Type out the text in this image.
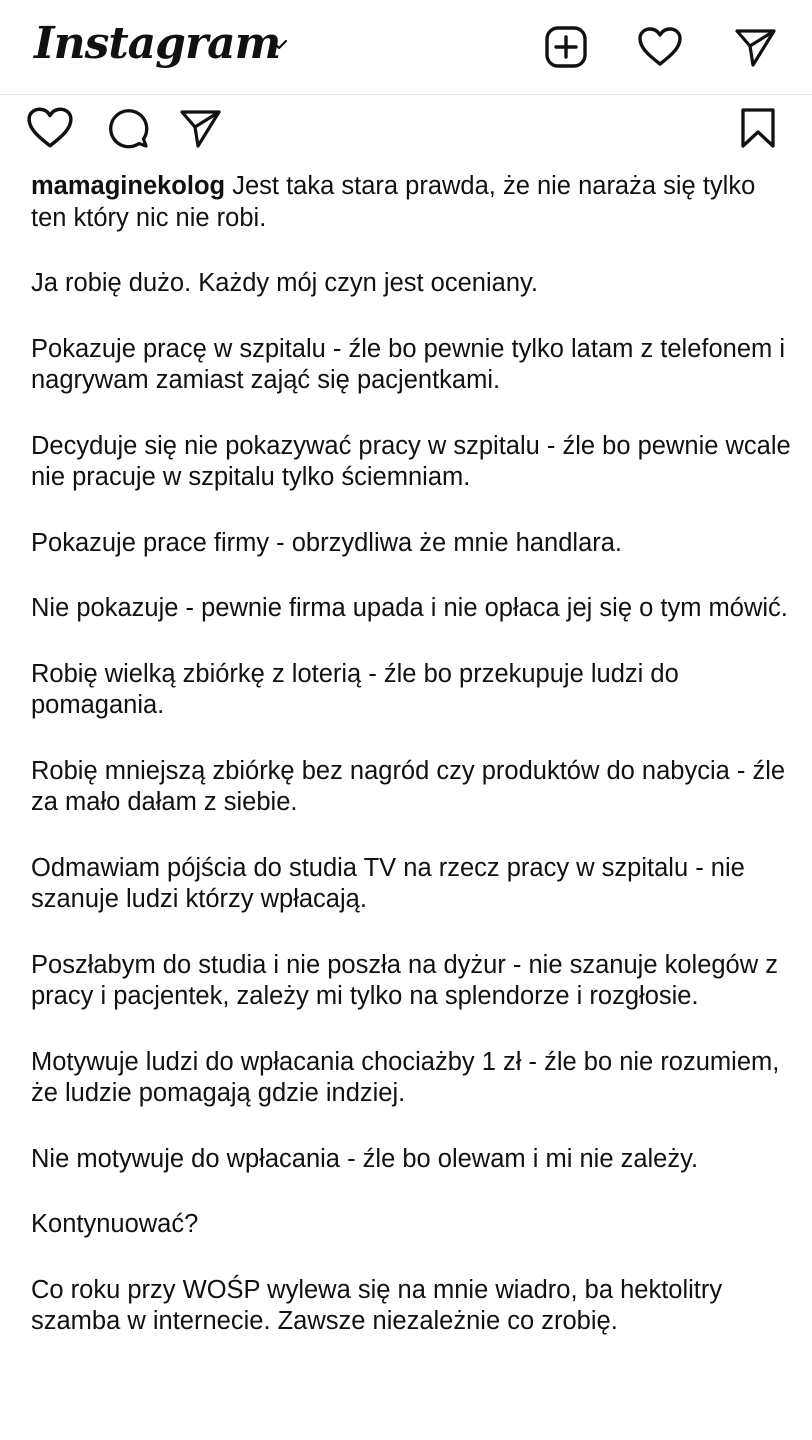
Instagram

mamaginekolog Jest taka stara prawda, że nie naraża się tylko ten który nic nie robi.

Ja robię dużo. Każdy mój czyn jest oceniany.

Pokazuje pracę w szpitalu - źle bo pewnie tylko latam z telefonem i nagrywam zamiast zająć się pacjentkami.

Decyduje się nie pokazywać pracy w szpitalu - źle bo pewnie wcale nie pracuje w szpitalu tylko ściemniam.

Pokazuje prace firmy - obrzydliwa że mnie handlara.

Nie pokazuje - pewnie firma upada i nie opłaca jej się o tym mówić.

Robię wielką zbiórkę z loterią - źle bo przekupuje ludzi do pomagania.

Robię mniejszą zbiórkę bez nagród czy produktów do nabycia - źle za mało dałam z siebie.

Odmawiam pójścia do studia TV na rzecz pracy w szpitalu - nie szanuje ludzi którzy wpłacają.

Poszłabym do studia i nie poszła na dyżur - nie szanuje kolegów z pracy i pacjentek, zależy mi tylko na splendorze i rozgłosie.

Motywuje ludzi do wpłacania chociażby 1 zł - źle bo nie rozumiem, że ludzie pomagają gdzie indziej.

Nie motywuje do wpłacania - źle bo olewam i mi nie zależy.

Kontynuować?

Co roku przy WOŚP wylewa się na mnie wiadro, ba hektolitry szamba w internecie. Zawsze niezależnie co zrobię.
